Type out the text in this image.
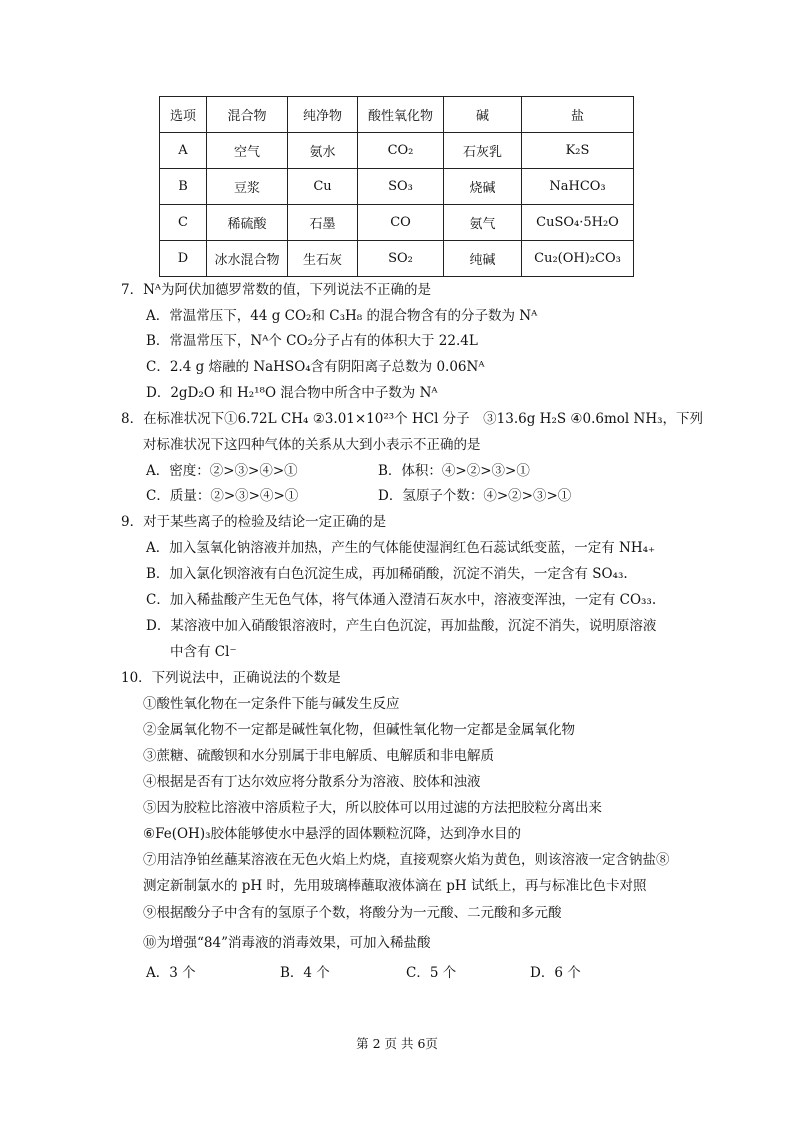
选项	混合物	纯净物	酸性氧化物	碱	盐
A	空气	氨水	CO₂	石灰乳	K₂S
B	豆浆	Cu	SO₃	烧碱	NaHCO₃
C	稀硫酸	石墨	CO	氨气	CuSO₄·5H₂O
D	冰水混合物	生石灰	SO₂	纯碱	Cu₂(OH)₂CO₃
7．Nᴬ为阿伏加德罗常数的值，下列说法不正确的是
A．常温常压下，44 g CO₂和 C₃H₈ 的混合物含有的分子数为 Nᴬ
B．常温常压下，Nᴬ个 CO₂分子占有的体积大于 22.4L
C．2.4 g 熔融的 NaHSO₄含有阴阳离子总数为 0.06Nᴬ
D．2gD₂O 和 H₂¹⁸O 混合物中所含中子数为 Nᴬ
8．在标准状况下①6.72L CH₄ ②3.01×10²³个 HCl 分子　③13.6g H₂S ④0.6mol NH₃，下列
对标准状况下这四种气体的关系从大到小表示不正确的是
A．密度：②>③>④>①	B．体积：④>②>③>①
C．质量：②>③>④>①	D．氢原子个数：④>②>③>①
9．对于某些离子的检验及结论一定正确的是
A．加入氢氧化钠溶液并加热，产生的气体能使湿润红色石蕊试纸变蓝，一定有 NH₄₊
B．加入氯化钡溶液有白色沉淀生成，再加稀硝酸，沉淀不消失，一定含有 SO₄₃.
C．加入稀盐酸产生无色气体，将气体通入澄清石灰水中，溶液变浑浊，一定有 CO₃₃.
D．某溶液中加入硝酸银溶液时，产生白色沉淀，再加盐酸，沉淀不消失，说明原溶液
中含有 Cl⁻
10．下列说法中，正确说法的个数是
①酸性氧化物在一定条件下能与碱发生反应
②金属氧化物不一定都是碱性氧化物，但碱性氧化物一定都是金属氧化物
③蔗糖、硫酸钡和水分别属于非电解质、电解质和非电解质
④根据是否有丁达尔效应将分散系分为溶液、胶体和浊液
⑤因为胶粒比溶液中溶质粒子大，所以胶体可以用过滤的方法把胶粒分离出来
⑥Fe(OH)₃胶体能够使水中悬浮的固体颗粒沉降，达到净水目的
⑦用洁净铂丝蘸某溶液在无色火焰上灼烧，直接观察火焰为黄色，则该溶液一定含钠盐⑧
测定新制氯水的 pH 时，先用玻璃棒蘸取液体滴在 pH 试纸上，再与标准比色卡对照
⑨根据酸分子中含有的氢原子个数，将酸分为一元酸、二元酸和多元酸
⑩为增强“84”消毒液的消毒效果，可加入稀盐酸
A．3 个	B．4 个	C．5 个	D．6 个
第 2 页 共 6页
